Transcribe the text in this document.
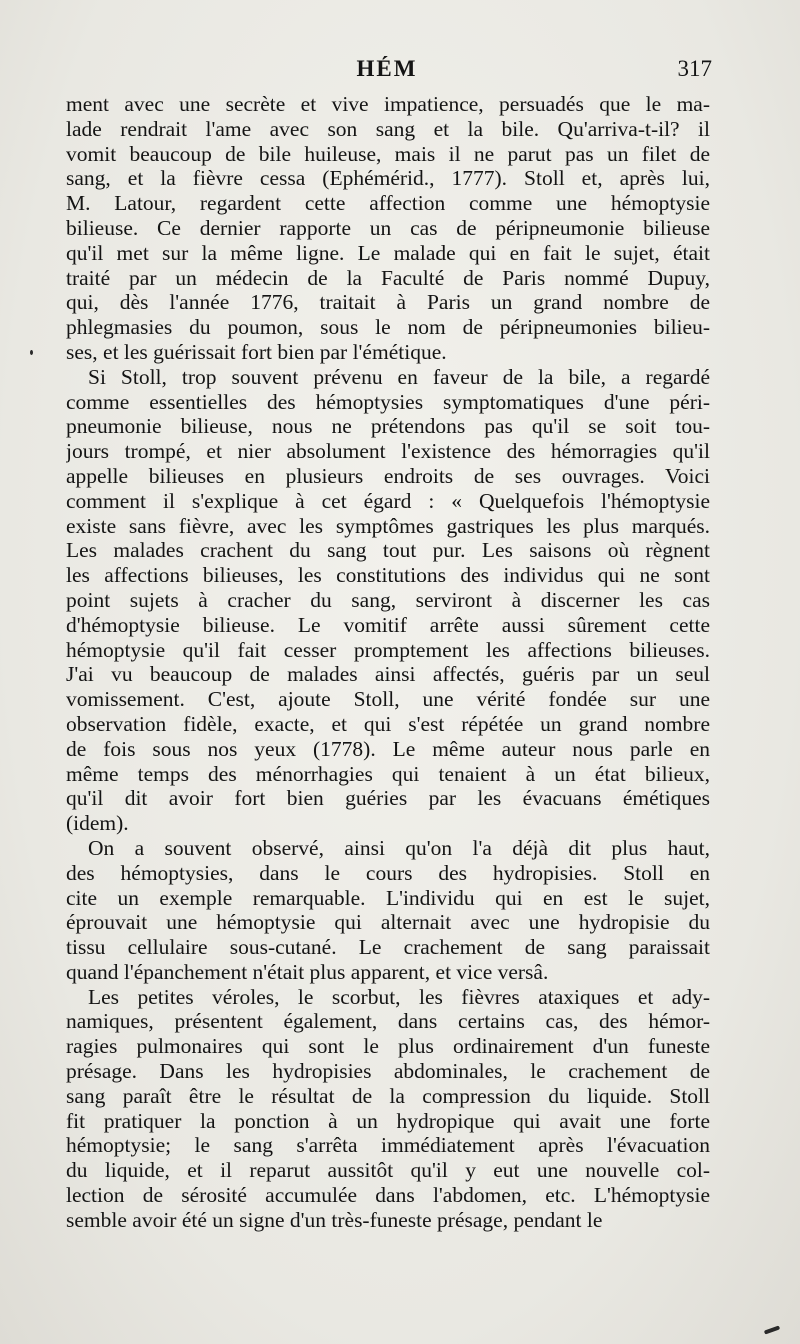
HÉM	317
ment avec une secrète et vive impatience, persuadés que le ma-
lade rendrait l'ame avec son sang et la bile. Qu'arriva-t-il? il
vomit beaucoup de bile huileuse, mais il ne parut pas un filet de
sang, et la fièvre cessa (Ephémérid., 1777). Stoll et, après lui,
M. Latour, regardent cette affection comme une hémoptysie
bilieuse. Ce dernier rapporte un cas de péripneumonie bilieuse
qu'il met sur la même ligne. Le malade qui en fait le sujet, était
traité par un médecin de la Faculté de Paris nommé Dupuy,
qui, dès l'année 1776, traitait à Paris un grand nombre de
phlegmasies du poumon, sous le nom de péripneumonies bilieu-
ses, et les guérissait fort bien par l'émétique.
Si Stoll, trop souvent prévenu en faveur de la bile, a regardé
comme essentielles des hémoptysies symptomatiques d'une péri-
pneumonie bilieuse, nous ne prétendons pas qu'il se soit tou-
jours trompé, et nier absolument l'existence des hémorragies qu'il
appelle bilieuses en plusieurs endroits de ses ouvrages. Voici
comment il s'explique à cet égard : « Quelquefois l'hémoptysie
existe sans fièvre, avec les symptômes gastriques les plus marqués.
Les malades crachent du sang tout pur. Les saisons où règnent
les affections bilieuses, les constitutions des individus qui ne sont
point sujets à cracher du sang, serviront à discerner les cas
d'hémoptysie bilieuse. Le vomitif arrête aussi sûrement cette
hémoptysie qu'il fait cesser promptement les affections bilieuses.
J'ai vu beaucoup de malades ainsi affectés, guéris par un seul
vomissement. C'est, ajoute Stoll, une vérité fondée sur une
observation fidèle, exacte, et qui s'est répétée un grand nombre
de fois sous nos yeux (1778). Le même auteur nous parle en
même temps des ménorrhagies qui tenaient à un état bilieux,
qu'il dit avoir fort bien guéries par les évacuans émétiques
(idem).
On a souvent observé, ainsi qu'on l'a déjà dit plus haut,
des hémoptysies, dans le cours des hydropisies. Stoll en
cite un exemple remarquable. L'individu qui en est le sujet,
éprouvait une hémoptysie qui alternait avec une hydropisie du
tissu cellulaire sous-cutané. Le crachement de sang paraissait
quand l'épanchement n'était plus apparent, et vice versâ.
Les petites véroles, le scorbut, les fièvres ataxiques et ady-
namiques, présentent également, dans certains cas, des hémor-
ragies pulmonaires qui sont le plus ordinairement d'un funeste
présage. Dans les hydropisies abdominales, le crachement de
sang paraît être le résultat de la compression du liquide. Stoll
fit pratiquer la ponction à un hydropique qui avait une forte
hémoptysie; le sang s'arrêta immédiatement après l'évacuation
du liquide, et il reparut aussitôt qu'il y eut une nouvelle col-
lection de sérosité accumulée dans l'abdomen, etc. L'hémoptysie
semble avoir été un signe d'un très-funeste présage, pendant le
